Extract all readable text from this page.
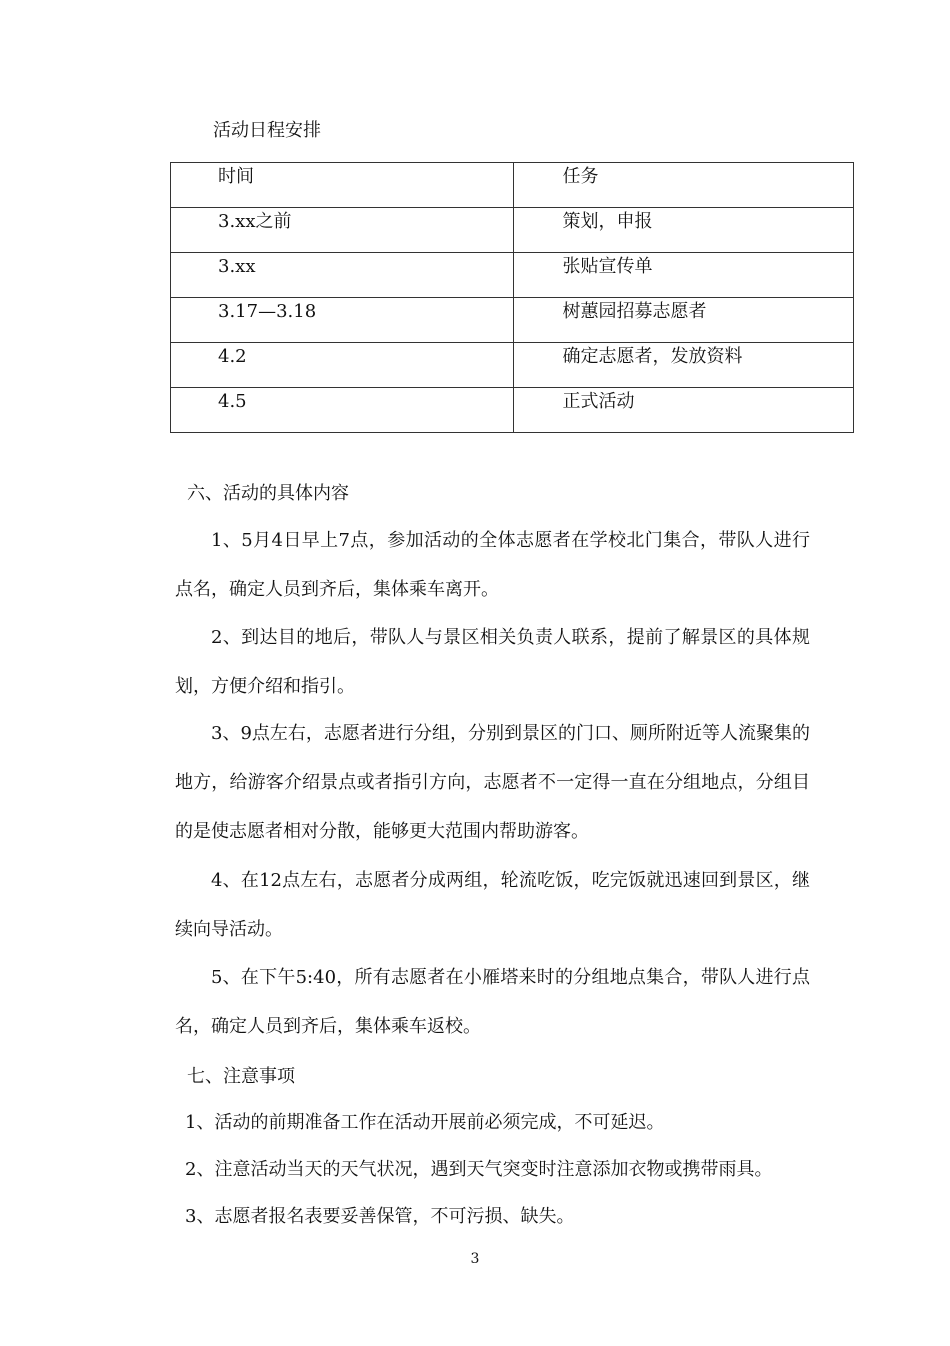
活动日程安排
时间	任务

3.xx之前	策划，申报

3.xx	张贴宣传单

3.17—3.18	树蕙园招募志愿者

4.2	确定志愿者，发放资料

4.5	正式活动
六、活动的具体内容
1、5月4日早上7点，参加活动的全体志愿者在学校北门集合，带队人进行点名，确定人员到齐后，集体乘车离开。
2、到达目的地后，带队人与景区相关负责人联系，提前了解景区的具体规划，方便介绍和指引。
3、9点左右，志愿者进行分组，分别到景区的门口、厕所附近等人流聚集的地方，给游客介绍景点或者指引方向，志愿者不一定得一直在分组地点，分组目的是使志愿者相对分散，能够更大范围内帮助游客。
4、在12点左右，志愿者分成两组，轮流吃饭，吃完饭就迅速回到景区，继续向导活动。
5、在下午5:40，所有志愿者在小雁塔来时的分组地点集合，带队人进行点名，确定人员到齐后，集体乘车返校。
七、注意事项
1、活动的前期准备工作在活动开展前必须完成，不可延迟。
2、注意活动当天的天气状况，遇到天气突变时注意添加衣物或携带雨具。
3、志愿者报名表要妥善保管，不可污损、缺失。
3
